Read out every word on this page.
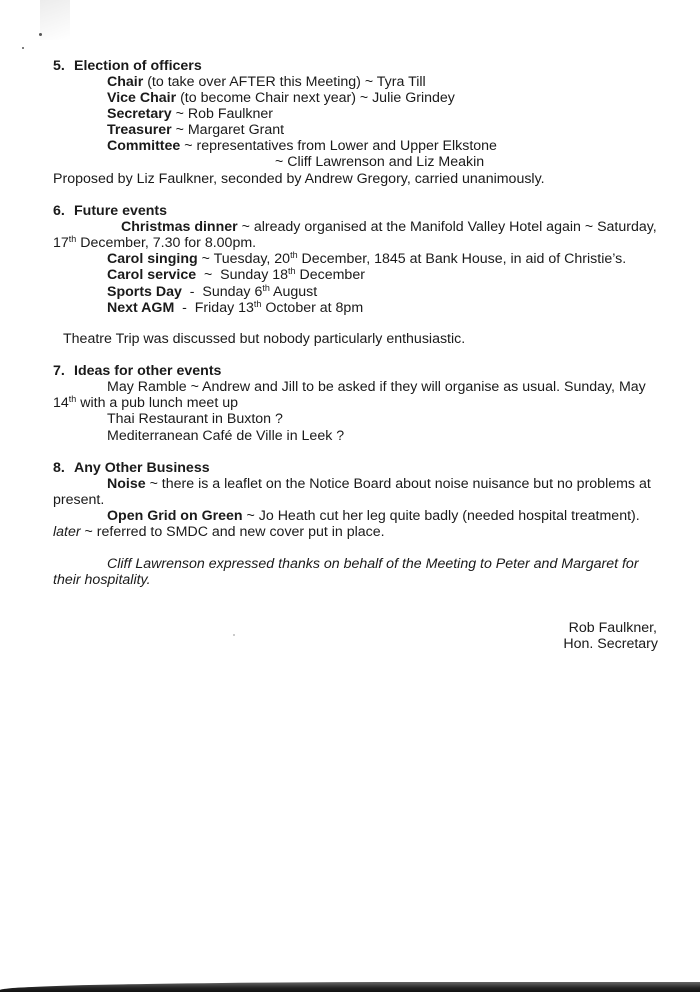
5. Election of officers
Chair (to take over AFTER this Meeting) ~ Tyra Till
Vice Chair (to become Chair next year) ~ Julie Grindey
Secretary ~ Rob Faulkner
Treasurer ~ Margaret Grant
Committee ~ representatives from Lower and Upper Elkstone
~ Cliff Lawrenson and Liz Meakin
Proposed by Liz Faulkner, seconded by Andrew Gregory, carried unanimously.
6. Future events
Christmas dinner ~ already organised at the Manifold Valley Hotel again ~ Saturday,
17th December, 7.30 for 8.00pm.
Carol singing ~ Tuesday, 20th December, 1845 at Bank House, in aid of Christie’s.
Carol service  ~  Sunday 18th December
Sports Day  -  Sunday 6th August
Next AGM  -  Friday 13th October at 8pm
Theatre Trip was discussed but nobody particularly enthusiastic.
7. Ideas for other events
May Ramble ~ Andrew and Jill to be asked if they will organise as usual. Sunday, May
14th with a pub lunch meet up
Thai Restaurant in Buxton ?
Mediterranean Café de Ville in Leek ?
8. Any Other Business
Noise ~ there is a leaflet on the Notice Board about noise nuisance but no problems at
present.
Open Grid on Green ~ Jo Heath cut her leg quite badly (needed hospital treatment).
later ~ referred to SMDC and new cover put in place.
Cliff Lawrenson expressed thanks on behalf of the Meeting to Peter and Margaret for
their hospitality.
Rob Faulkner,
Hon. Secretary
